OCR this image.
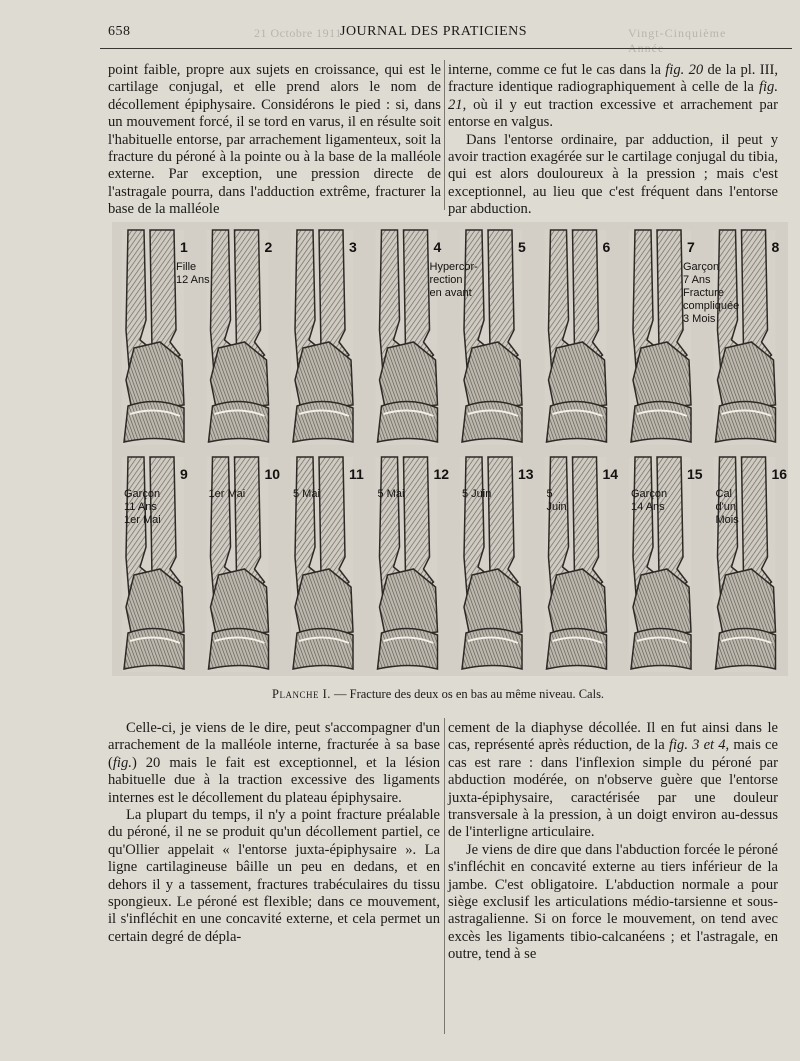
658	21 Octobre 1911
JOURNAL DES PRATICIENS	Vingt-Cinquième Année

point faible, propre aux sujets en croissance, qui est le cartilage conjugal, et elle prend alors le nom de décollement épiphysaire. Considérons le pied : si, dans un mouvement forcé, il se tord en varus, il en résulte soit l'habituelle entorse, par arrachement ligamenteux, soit la fracture du péroné à la pointe ou à la base de la malléole externe. Par exception, une pression directe de l'astragale pourra, dans l'adduction extrême, fracturer la base de la malléole

interne, comme ce fut le cas dans la fig. 20 de la pl. III, fracture identique radiographiquement à celle de la fig. 21, où il y eut traction excessive et arrachement par entorse en valgus.

Dans l'entorse ordinaire, par adduction, il peut y avoir traction exagérée sur le cartilage conjugal du tibia, qui est alors douloureux à la pression ; mais c'est exceptionnel, au lieu que c'est fréquent dans l'entorse par abduction.

1
Fille
12 Ans
2	3	4
Hypercor-
rection
en avant
5	6	7
Garçon
7 Ans
Fracture
compliquée
3 Mois
8
9
Garçon
11 Ans
1er Mai
10
1er Mai
11
5 Mai
12
5 Mai
13
5 Juin
14
5
Juin
15
Garçon
14 Ans
16
Cal
d'un
Mois
Planche I. — Fracture des deux os en bas au même niveau. Cals.

Celle-ci, je viens de le dire, peut s'accompagner d'un arrachement de la malléole interne, fracturée à sa base (fig.) 20 mais le fait est exceptionnel, et la lésion habituelle due à la traction excessive des ligaments internes est le décollement du plateau épiphysaire.

La plupart du temps, il n'y a point fracture préalable du péroné, il ne se produit qu'un décollement partiel, ce qu'Ollier appelait « l'entorse juxta-épiphysaire ». La ligne cartilagineuse bâille un peu en dedans, et en dehors il y a tassement, fractures trabéculaires du tissu spongieux. Le péroné est flexible; dans ce mouvement, il s'infléchit en une concavité externe, et cela permet un certain degré de dépla-

cement de la diaphyse décollée. Il en fut ainsi dans le cas, représenté après réduction, de la fig. 3 et 4, mais ce cas est rare : dans l'inflexion simple du péroné par abduction modérée, on n'observe guère que l'entorse juxta-épiphysaire, caractérisée par une douleur transversale à la pression, à un doigt environ au-dessus de l'interligne articulaire.

Je viens de dire que dans l'abduction forcée le péroné s'infléchit en concavité externe au tiers inférieur de la jambe. C'est obligatoire. L'abduction normale a pour siège exclusif les articulations médio-tarsienne et sous-astragalienne. Si on force le mouvement, on tend avec excès les ligaments tibio-calcanéens ; et l'astragale, en outre, tend à se
